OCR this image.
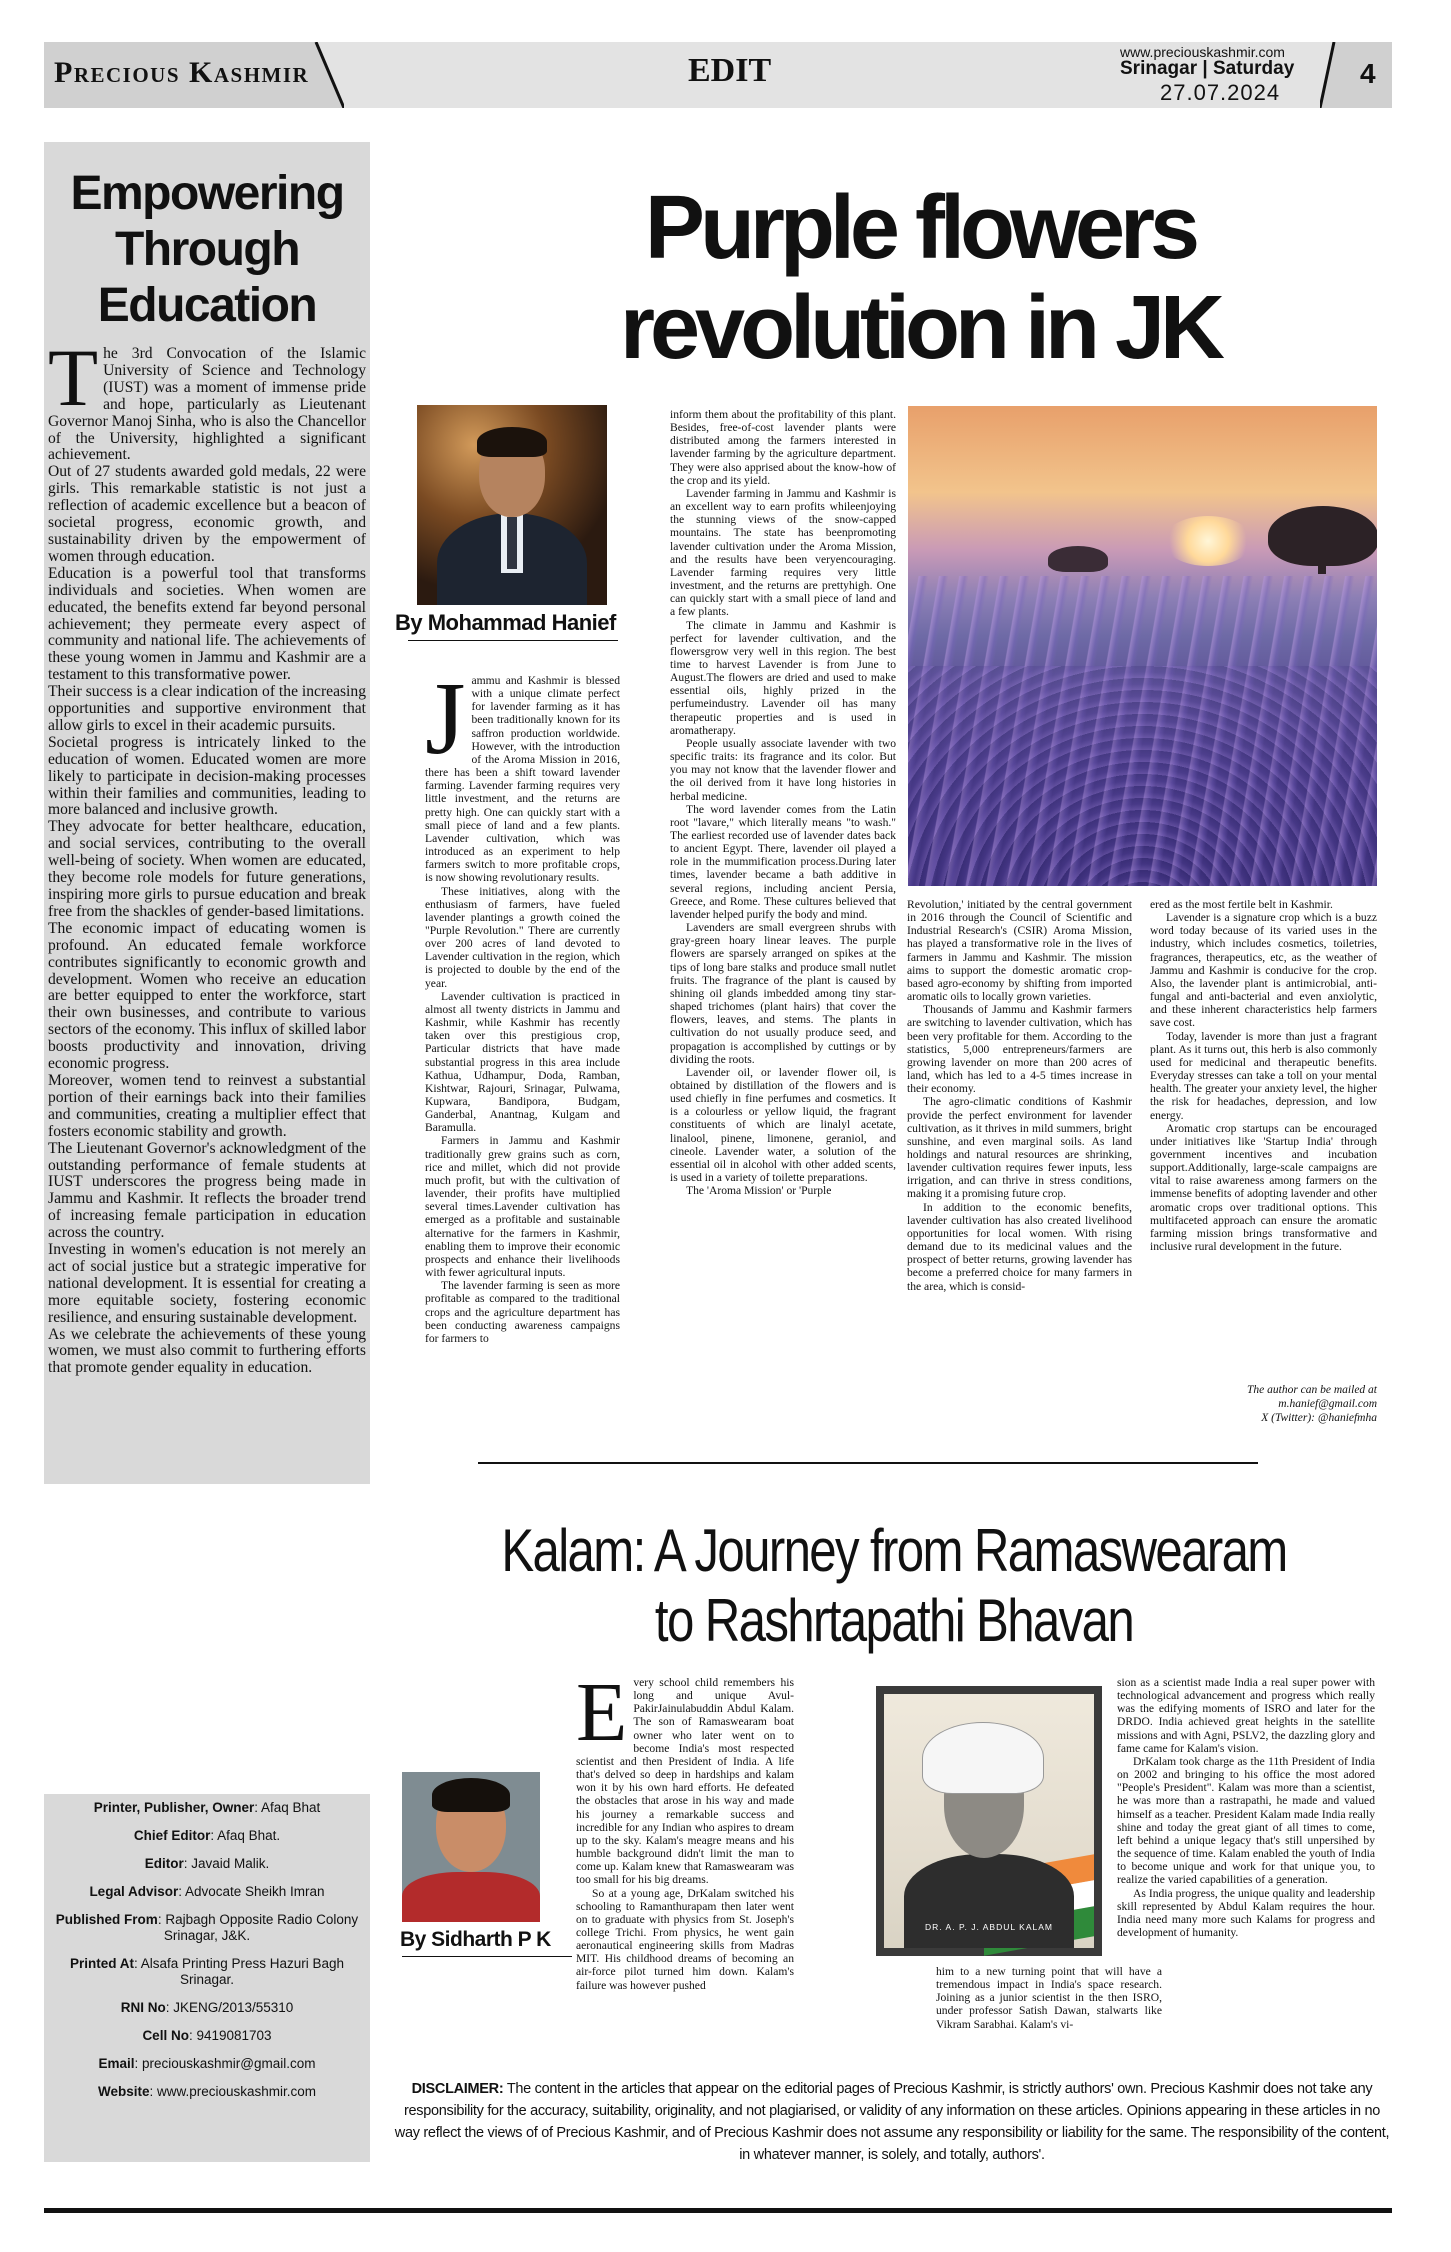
Precious Kashmir	EDIT	www.preciouskashmir.com
Srinagar | Saturday
27.07.2024
4
Empowering Through Education

The 3rd Convocation of the Islamic University of Science and Technology (IUST) was a moment of immense pride and hope, particularly as Lieutenant Governor Manoj Sinha, who is also the Chancellor of the University, highlighted a significant achievement.

Out of 27 students awarded gold medals, 22 were girls. This remarkable statistic is not just a reflection of academic excellence but a beacon of societal progress, economic growth, and sustainability driven by the empowerment of women through education.

Education is a powerful tool that transforms individuals and societies. When women are educated, the benefits extend far beyond personal achievement; they permeate every aspect of community and national life. The achievements of these young women in Jammu and Kashmir are a testament to this transformative power.

Their success is a clear indication of the increasing opportunities and supportive environment that allow girls to excel in their academic pursuits.

Societal progress is intricately linked to the education of women. Educated women are more likely to participate in decision-making processes within their families and communities, leading to more balanced and inclusive growth.

They advocate for better healthcare, education, and social services, contributing to the overall well-being of society. When women are educated, they become role models for future generations, inspiring more girls to pursue education and break free from the shackles of gender-based limitations.

The economic impact of educating women is profound. An educated female workforce contributes significantly to economic growth and development. Women who receive an education are better equipped to enter the workforce, start their own businesses, and contribute to various sectors of the economy. This influx of skilled labor boosts productivity and innovation, driving economic progress.

Moreover, women tend to reinvest a substantial portion of their earnings back into their families and communities, creating a multiplier effect that fosters economic stability and growth.

The Lieutenant Governor's acknowledgment of the outstanding performance of female students at IUST underscores the progress being made in Jammu and Kashmir. It reflects the broader trend of increasing female participation in education across the country.

Investing in women's education is not merely an act of social justice but a strategic imperative for national development. It is essential for creating a more equitable society, fostering economic resilience, and ensuring sustainable development.

As we celebrate the achievements of these young women, we must also commit to furthering efforts that promote gender equality in education.

Purple flowers revolution in JK
By Mohammad Hanief

Jammu and Kashmir is blessed with a unique climate perfect for lavender farming as it has been traditionally known for its saffron production worldwide. However, with the introduction of the Aroma Mission in 2016, there has been a shift toward lavender farming. Lavender farming requires very little investment, and the returns are pretty high. One can quickly start with a small piece of land and a few plants. Lavender cultivation, which was introduced as an experiment to help farmers switch to more profitable crops, is now showing revolutionary results.

These initiatives, along with the enthusiasm of farmers, have fueled lavender plantings a growth coined the "Purple Revolution." There are currently over 200 acres of land devoted to Lavender cultivation in the region, which is projected to double by the end of the year.

Lavender cultivation is practiced in almost all twenty districts in Jammu and Kashmir, while Kashmir has recently taken over this prestigious crop, Particular districts that have made substantial progress in this area include Kathua, Udhampur, Doda, Ramban, Kishtwar, Rajouri, Srinagar, Pulwama, Kupwara, Bandipora, Budgam, Ganderbal, Anantnag, Kulgam and Baramulla.

Farmers in Jammu and Kashmir traditionally grew grains such as corn, rice and millet, which did not provide much profit, but with the cultivation of lavender, their profits have multiplied several times.Lavender cultivation has emerged as a profitable and sustainable alternative for the farmers in Kashmir, enabling them to improve their economic prospects and enhance their livelihoods with fewer agricultural inputs.

The lavender farming is seen as more profitable as compared to the traditional crops and the agriculture department has been conducting awareness campaigns for farmers to

inform them about the profitability of this plant. Besides, free-of-cost lavender plants were distributed among the farmers interested in lavender farming by the agriculture department. They were also apprised about the know-how of the crop and its yield.

Lavender farming in Jammu and Kashmir is an excellent way to earn profits whileenjoying the stunning views of the snow-capped mountains. The state has beenpromoting lavender cultivation under the Aroma Mission, and the results have been veryencouraging. Lavender farming requires very little investment, and the returns are prettyhigh. One can quickly start with a small piece of land and a few plants.

The climate in Jammu and Kashmir is perfect for lavender cultivation, and the flowersgrow very well in this region. The best time to harvest Lavender is from June to August.The flowers are dried and used to make essential oils, highly prized in the perfumeindustry. Lavender oil has many therapeutic properties and is used in aromatherapy.

People usually associate lavender with two specific traits: its fragrance and its color. But you may not know that the lavender flower and the oil derived from it have long histories in herbal medicine.

The word lavender comes from the Latin root "lavare," which literally means "to wash." The earliest recorded use of lavender dates back to ancient Egypt. There, lavender oil played a role in the mummification process.During later times, lavender became a bath additive in several regions, including ancient Persia, Greece, and Rome. These cultures believed that lavender helped purify the body and mind.

Lavenders are small evergreen shrubs with gray-green hoary linear leaves. The purple flowers are sparsely arranged on spikes at the tips of long bare stalks and produce small nutlet fruits. The fragrance of the plant is caused by shining oil glands imbedded among tiny star-shaped trichomes (plant hairs) that cover the flowers, leaves, and stems. The plants in cultivation do not usually produce seed, and propagation is accomplished by cuttings or by dividing the roots.

Lavender oil, or lavender flower oil, is obtained by distillation of the flowers and is used chiefly in fine perfumes and cosmetics. It is a colourless or yellow liquid, the fragrant constituents of which are linalyl acetate, linalool, pinene, limonene, geraniol, and cineole. Lavender water, a solution of the essential oil in alcohol with other added scents, is used in a variety of toilette preparations.

The 'Aroma Mission' or 'Purple

Revolution,' initiated by the central government in 2016 through the Council of Scientific and Industrial Research's (CSIR) Aroma Mission, has played a transformative role in the lives of farmers in Jammu and Kashmir. The mission aims to support the domestic aromatic crop-based agro-economy by shifting from imported aromatic oils to locally grown varieties.

Thousands of Jammu and Kashmir farmers are switching to lavender cultivation, which has been very profitable for them. According to the statistics, 5,000 entrepreneurs/farmers are growing lavender on more than 200 acres of land, which has led to a 4-5 times increase in their economy.

The agro-climatic conditions of Kashmir provide the perfect environment for lavender cultivation, as it thrives in mild summers, bright sunshine, and even marginal soils. As land holdings and natural resources are shrinking, lavender cultivation requires fewer inputs, less irrigation, and can thrive in stress conditions, making it a promising future crop.

In addition to the economic benefits, lavender cultivation has also created livelihood opportunities for local women. With rising demand due to its medicinal values and the prospect of better returns, growing lavender has become a preferred choice for many farmers in the area, which is consid-

ered as the most fertile belt in Kashmir.

Lavender is a signature crop which is a buzz word today because of its varied uses in the industry, which includes cosmetics, toiletries, fragrances, therapeutics, etc, as the weather of Jammu and Kashmir is conducive for the crop. Also, the lavender plant is antimicrobial, anti-fungal and anti-bacterial and even anxiolytic, and these inherent characteristics help farmers save cost.

Today, lavender is more than just a fragrant plant. As it turns out, this herb is also commonly used for medicinal and therapeutic benefits. Everyday stresses can take a toll on your mental health. The greater your anxiety level, the higher the risk for headaches, depression, and low energy.

Aromatic crop startups can be encouraged under initiatives like 'Startup India' through government incentives and incubation support.Additionally, large-scale campaigns are vital to raise awareness among farmers on the immense benefits of adopting lavender and other aromatic crops over traditional options. This multifaceted approach can ensure the aromatic farming mission brings transformative and inclusive rural development in the future.

The author can be mailed at
m.hanief@gmail.com
X (Twitter): @haniefmha
Kalam: A Journey from Ramaswearam to Rashrtapathi Bhavan
Printer, Publisher, Owner: Afaq Bhat
Chief Editor: Afaq Bhat.
Editor: Javaid Malik.
Legal Advisor: Advocate Sheikh Imran
Published From: Rajbagh Opposite Radio Colony Srinagar, J&K.
Printed At: Alsafa Printing Press Hazuri Bagh Srinagar.
RNI No: JKENG/2013/55310
Cell No: 9419081703
Email: preciouskashmir@gmail.com
Website: www.preciouskashmir.com
By Sidharth P K

Every school child remembers his long and unique Avul-PakirJainulabuddin Abdul Kalam. The son of Ramaswearam boat owner who later went on to become India's most respected scientist and then President of India. A life that's delved so deep in hardships and kalam won it by his own hard efforts. He defeated the obstacles that arose in his way and made his journey a remarkable success and incredible for any Indian who aspires to dream up to the sky. Kalam's meagre means and his humble background didn't limit the man to come up. Kalam knew that Ramaswearam was too small for his big dreams.

So at a young age, DrKalam switched his schooling to Ramanthurapam then later went on to graduate with physics from St. Joseph's college Trichi. From physics, he went gain aeronautical engineering skills from Madras MIT. His childhood dreams of becoming an air-force pilot turned him down. Kalam's failure was however pushed

DR. A. P. J. ABDUL KALAM

him to a new turning point that will have a tremendous impact in India's space research. Joining as a junior scientist in the then ISRO, under professor Satish Dawan, stalwarts like Vikram Sarabhai. Kalam's vi-

sion as a scientist made India a real super power with technological advancement and progress which really was the edifying moments of ISRO and later for the DRDO. India achieved great heights in the satellite missions and with Agni, PSLV2, the dazzling glory and fame came for Kalam's vision.

DrKalam took charge as the 11th President of India on 2002 and bringing to his office the most adored "People's President". Kalam was more than a scientist, he was more than a rastrapathi, he made and valued himself as a teacher. President Kalam made India really shine and today the great giant of all times to come, left behind a unique legacy that's still unpersihed by the sequence of time. Kalam enabled the youth of India to become unique and work for that unique you, to realize the varied capabilities of a generation.

As India progress, the unique quality and leadership skill represented by Abdul Kalam requires the hour. India need many more such Kalams for progress and development of humanity.

DISCLAIMER: The content in the articles that appear on the editorial pages of Precious Kashmir, is strictly authors' own. Precious Kashmir does not take any responsibility for the accuracy, suitability, originality, and not plagiarised, or validity of any information on these articles. Opinions appearing in these articles in no way reflect the views of of Precious Kashmir, and of Precious Kashmir does not assume any responsibility or liability for the same. The responsibility of the content, in whatever manner, is solely, and totally, authors'.
